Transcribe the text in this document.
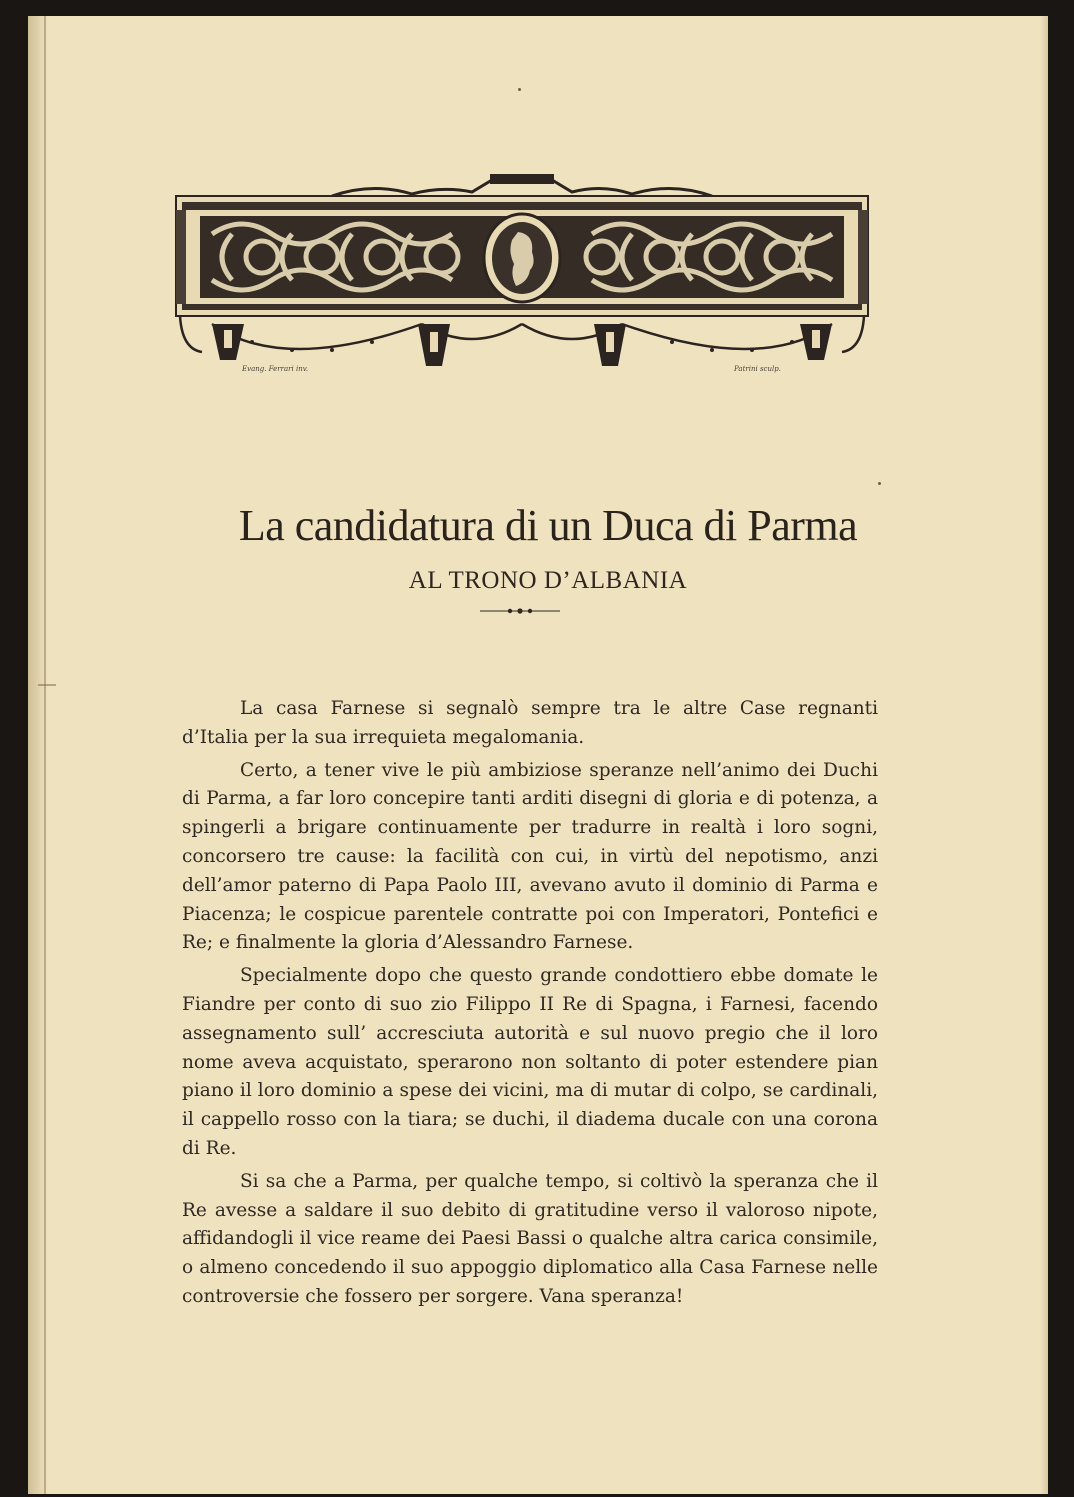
Evang. Ferrari inv.	Patrini sculp.
La candidatura di un Duca di Parma
AL TRONO D’ALBANIA

La casa Farnese si segnalò sempre tra le altre Case regnanti d’Italia per la sua irrequieta megalomania.

Certo, a tener vive le più ambiziose speranze nell’animo dei Duchi di Parma, a far loro concepire tanti arditi disegni di gloria e di potenza, a spingerli a brigare continuamente per tradurre in realtà i loro sogni, concorsero tre cause: la facilità con cui, in virtù del nepotismo, anzi dell’amor paterno di Papa Paolo III, avevano avuto il dominio di Parma e Piacenza; le cospicue parentele contratte poi con Imperatori, Pontefici e Re; e finalmente la gloria d’Alessandro Farnese.

Specialmente dopo che questo grande condottiero ebbe domate le Fiandre per conto di suo zio Filippo II Re di Spagna, i Farnesi, facendo assegnamento sull’ accresciuta autorità e sul nuovo pregio che il loro nome aveva acquistato, sperarono non soltanto di poter estendere pian piano il loro dominio a spese dei vicini, ma di mutar di colpo, se cardinali, il cappello rosso con la tiara; se duchi, il diadema ducale con una corona di Re.

Si sa che a Parma, per qualche tempo, si coltivò la speranza che il Re avesse a saldare il suo debito di gratitudine verso il valoroso nipote, affidandogli il vice reame dei Paesi Bassi o qualche altra carica consimile, o almeno concedendo il suo appoggio diplomatico alla Casa Farnese nelle controversie che fossero per sorgere. Vana speranza!
